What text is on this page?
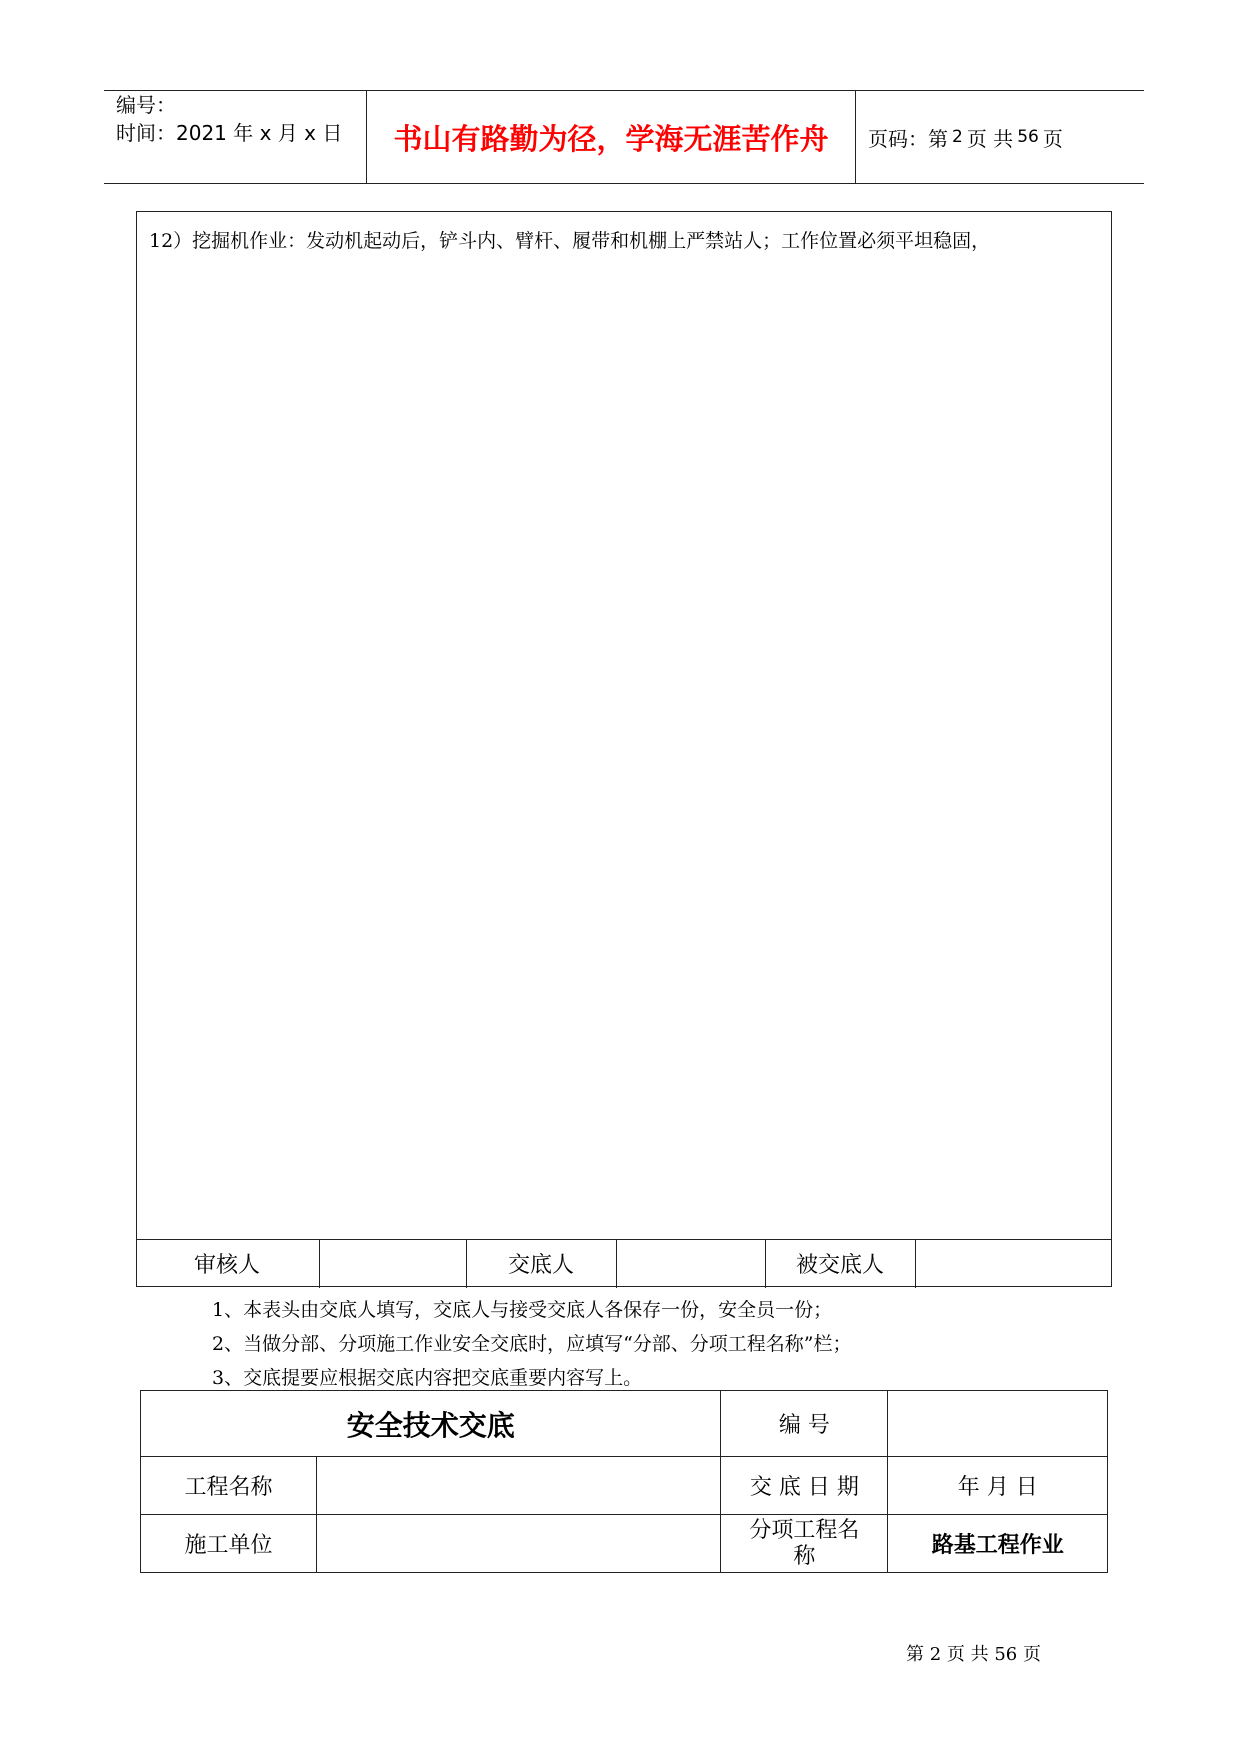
编号：
时间：2021 年 x 月 x 日	书山有路勤为径，学海无涯苦作舟	页码：第 2 页 共 56 页
12）挖掘机作业：发动机起动后，铲斗内、臂杆、履带和机棚上严禁站人；工作位置必须平坦稳固，
审核人	交底人	被交底人
1、本表头由交底人填写，交底人与接受交底人各保存一份，安全员一份；
2、当做分部、分项施工作业安全交底时，应填写“分部、分项工程名称”栏；
3、交底提要应根据交底内容把交底重要内容写上。
安全技术交底		编 号	
工程名称		交 底 日 期	年 月 日
施工单位		分项工程名称	路基工程作业
第 2 页 共 56 页
